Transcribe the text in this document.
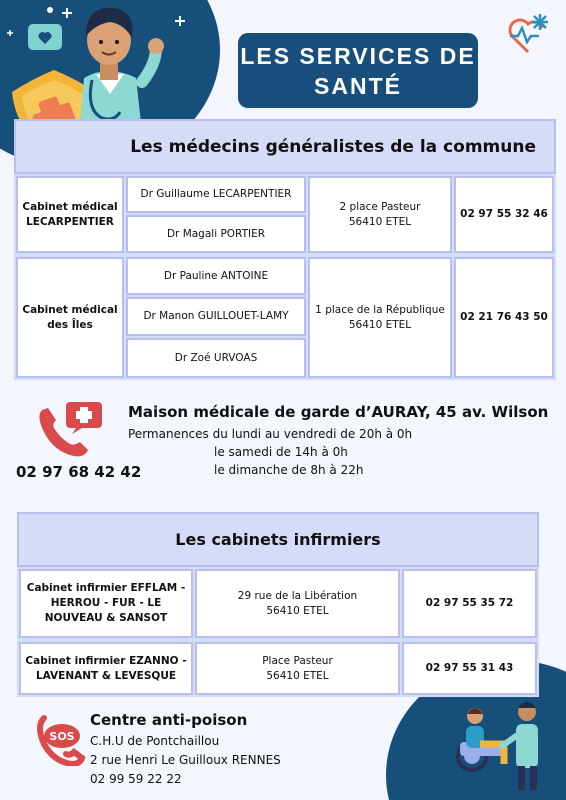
LES SERVICES DE
SANTÉ
Les médecins généralistes de la commune
Cabinet médical
LECARPENTIER
Dr Guillaume LECARPENTIER
Dr Magali PORTIER
2 place Pasteur
56410 ETEL
02 97 55 32 46
Cabinet médical
des Îles
Dr Pauline ANTOINE
Dr Manon GUILLOUET-LAMY
Dr Zoé URVOAS
1 place de la République
56410 ETEL
02 21 76 43 50
Maison médicale de garde d’AURAY, 45 av. Wilson
Permanences du lundi au vendredi de 20h à 0h
le samedi de 14h à 0h
le dimanche de 8h à 22h
02 97 68 42 42
Les cabinets infirmiers
Cabinet infirmier EFFLAM -
HERROU - FUR - LE
NOUVEAU & SANSOT
29 rue de la Libération
56410 ETEL
02 97 55 35 72
Cabinet infirmier EZANNO -
LAVENANT & LEVESQUE
Place Pasteur
56410 ETEL
02 97 55 31 43
SOS
Centre anti-poison
C.H.U de Pontchaillou
2 rue Henri Le Guilloux RENNES
02 99 59 22 22
